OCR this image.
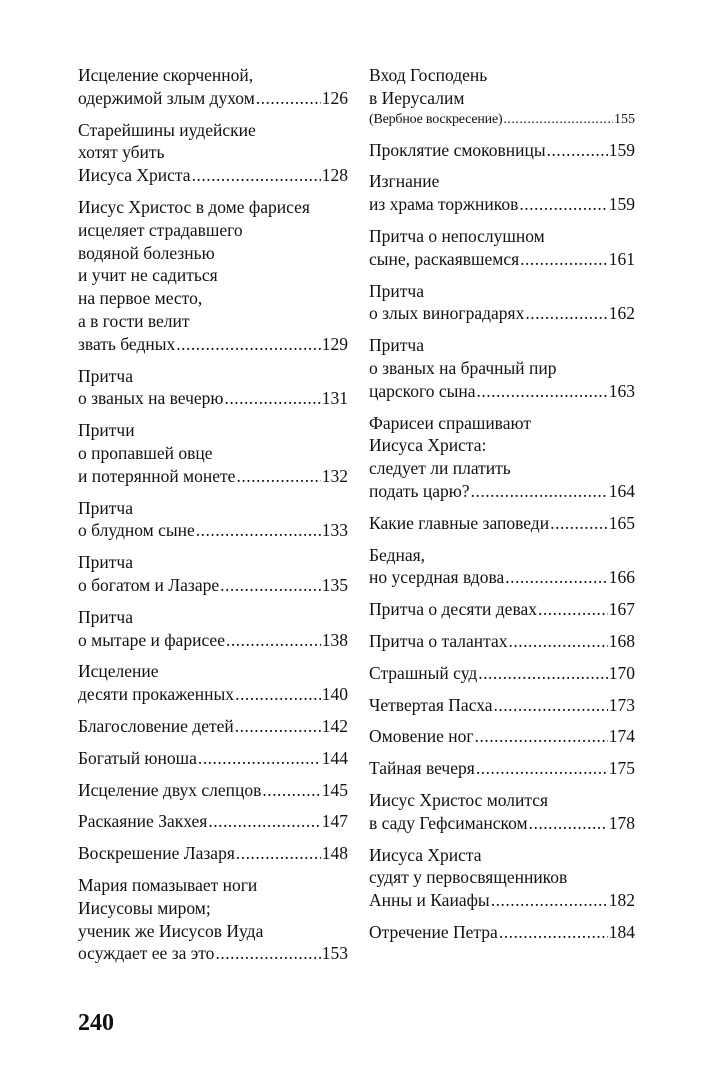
Исцеление скорченной,
одержимой злым духом .....	126
Старейшины иудейские
хотят убить
Иисуса Христа .....	128
Иисус Христос в доме фарисея
исцеляет страдавшего
водяной болезнью
и учит не садиться
на первое место,
а в гости велит
звать бедных .....	129
Притча
о званых на вечерю .....	131
Притчи
о пропавшей овце
и потерянной монете .....	132
Притча
о блудном сыне .....	133
Притча
о богатом и Лазаре .....	135
Притча
о мытаре и фарисее .....	138
Исцеление
десяти прокаженных .....	140
Благословение детей .....	142
Богатый юноша .....	144
Исцеление двух слепцов .....	145
Раскаяние Закхея .....	147
Воскрешение Лазаря .....	148
Мария помазывает ноги
Иисусовы миром;
ученик же Иисусов Иуда
осуждает ее за это .....	153
Вход Господень
в Иерусалим
(Вербное воскресение) .....	155
Проклятие смоковницы .....	159
Изгнание
из храма торжников .....	159
Притча о непослушном
сыне, раскаявшемся .....	161
Притча
о злых виноградарях .....	162
Притча
о званых на брачный пир
царского сына .....	163
Фарисеи спрашивают
Иисуса Христа:
следует ли платить
подать царю? .....	164
Какие главные заповеди .....	165
Бедная,
но усердная вдова .....	166
Притча о десяти девах .....	167
Притча о талантах .....	168
Страшный суд .....	170
Четвертая Пасха .....	173
Омовение ног .....	174
Тайная вечеря .....	175
Иисус Христос молится
в саду Гефсиманском .....	178
Иисуса Христа
судят у первосвященников
Анны и Каиафы .....	182
Отречение Петра .....	184
240
